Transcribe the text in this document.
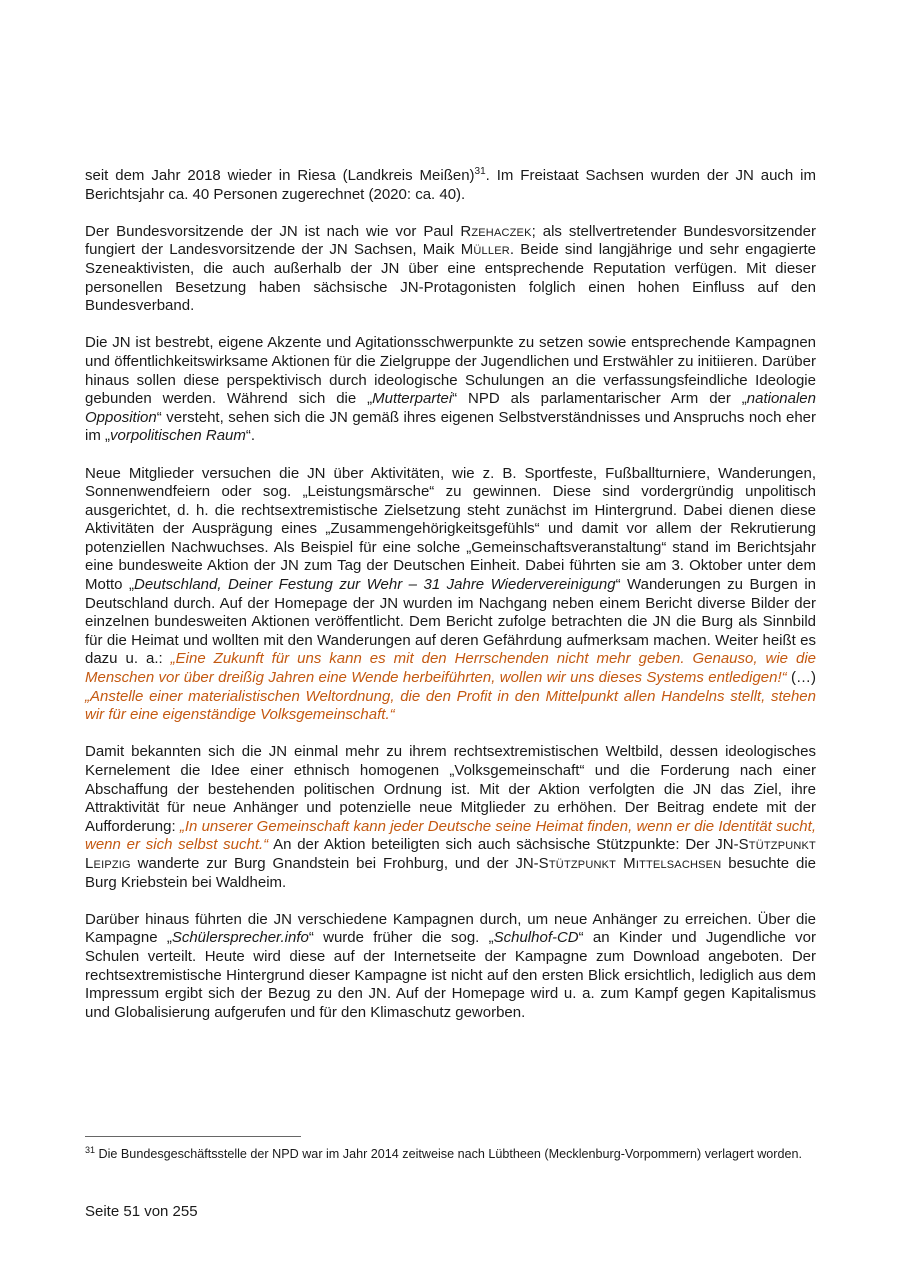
seit dem Jahr 2018 wieder in Riesa (Landkreis Meißen)$^{31}$. Im Freistaat Sachsen wurden der JN auch im Berichtsjahr ca. 40 Personen zugerechnet (2020: ca. 40).

Der Bundesvorsitzende der JN ist nach wie vor Paul Rzehaczek; als stellvertretender Bundesvorsitzender fungiert der Landesvorsitzende der JN Sachsen, Maik Müller. Beide sind langjährige und sehr engagierte Szeneaktivisten, die auch außerhalb der JN über eine entsprechende Reputation verfügen. Mit dieser personellen Besetzung haben sächsische JN-Protagonisten folglich einen hohen Einfluss auf den Bundesverband.

Die JN ist bestrebt, eigene Akzente und Agitationsschwerpunkte zu setzen sowie entsprechende Kampagnen und öffentlichkeitswirksame Aktionen für die Zielgruppe der Jugendlichen und Erstwähler zu initiieren. Darüber hinaus sollen diese perspektivisch durch ideologische Schulungen an die verfassungsfeindliche Ideologie gebunden werden. Während sich die „Mutterpartei“ NPD als parlamentarischer Arm der „nationalen Opposition“ versteht, sehen sich die JN gemäß ihres eigenen Selbstverständnisses und Anspruchs noch eher im „vorpolitischen Raum“.

Neue Mitglieder versuchen die JN über Aktivitäten, wie z. B. Sportfeste, Fußballturniere, Wanderungen, Sonnenwendfeiern oder sog. „Leistungsmärsche“ zu gewinnen. Diese sind vordergründig unpolitisch ausgerichtet, d. h. die rechtsextremistische Zielsetzung steht zunächst im Hintergrund. Dabei dienen diese Aktivitäten der Ausprägung eines „Zusammengehörigkeitsgefühls“ und damit vor allem der Rekrutierung potenziellen Nachwuchses. Als Beispiel für eine solche „Gemeinschaftsveranstaltung“ stand im Berichtsjahr eine bundesweite Aktion der JN zum Tag der Deutschen Einheit. Dabei führten sie am 3. Oktober unter dem Motto „Deutschland, Deiner Festung zur Wehr – 31 Jahre Wiedervereinigung“ Wanderungen zu Burgen in Deutschland durch. Auf der Homepage der JN wurden im Nachgang neben einem Bericht diverse Bilder der einzelnen bundesweiten Aktionen veröffentlicht. Dem Bericht zufolge betrachten die JN die Burg als Sinnbild für die Heimat und wollten mit den Wanderungen auf deren Gefährdung aufmerksam machen. Weiter heißt es dazu u. a.: „Eine Zukunft für uns kann es mit den Herrschenden nicht mehr geben. Genauso, wie die Menschen vor über dreißig Jahren eine Wende herbeiführten, wollen wir uns dieses Systems entledigen!“ (…) „Anstelle einer materialistischen Weltordnung, die den Profit in den Mittelpunkt allen Handelns stellt, stehen wir für eine eigenständige Volksgemeinschaft.“

Damit bekannten sich die JN einmal mehr zu ihrem rechtsextremistischen Weltbild, dessen ideologisches Kernelement die Idee einer ethnisch homogenen „Volksgemeinschaft“ und die Forderung nach einer Abschaffung der bestehenden politischen Ordnung ist. Mit der Aktion verfolgten die JN das Ziel, ihre Attraktivität für neue Anhänger und potenzielle neue Mitglieder zu erhöhen. Der Beitrag endete mit der Aufforderung: „In unserer Gemeinschaft kann jeder Deutsche seine Heimat finden, wenn er die Identität sucht, wenn er sich selbst sucht.“ An der Aktion beteiligten sich auch sächsische Stützpunkte: Der JN-Stützpunkt Leipzig wanderte zur Burg Gnandstein bei Frohburg, und der JN-Stützpunkt Mittelsachsen besuchte die Burg Kriebstein bei Waldheim.

Darüber hinaus führten die JN verschiedene Kampagnen durch, um neue Anhänger zu erreichen. Über die Kampagne „Schülersprecher.info“ wurde früher die sog. „Schulhof-CD“ an Kinder und Jugendliche vor Schulen verteilt. Heute wird diese auf der Internetseite der Kampagne zum Download angeboten. Der rechtsextremistische Hintergrund dieser Kampagne ist nicht auf den ersten Blick ersichtlich, lediglich aus dem Impressum ergibt sich der Bezug zu den JN. Auf der Homepage wird u. a. zum Kampf gegen Kapitalismus und Globalisierung aufgerufen und für den Klimaschutz geworben.

$^{31}$ Die Bundesgeschäftsstelle der NPD war im Jahr 2014 zeitweise nach Lübtheen (Mecklenburg-Vorpommern) verlagert worden.

Seite 51 von 255
